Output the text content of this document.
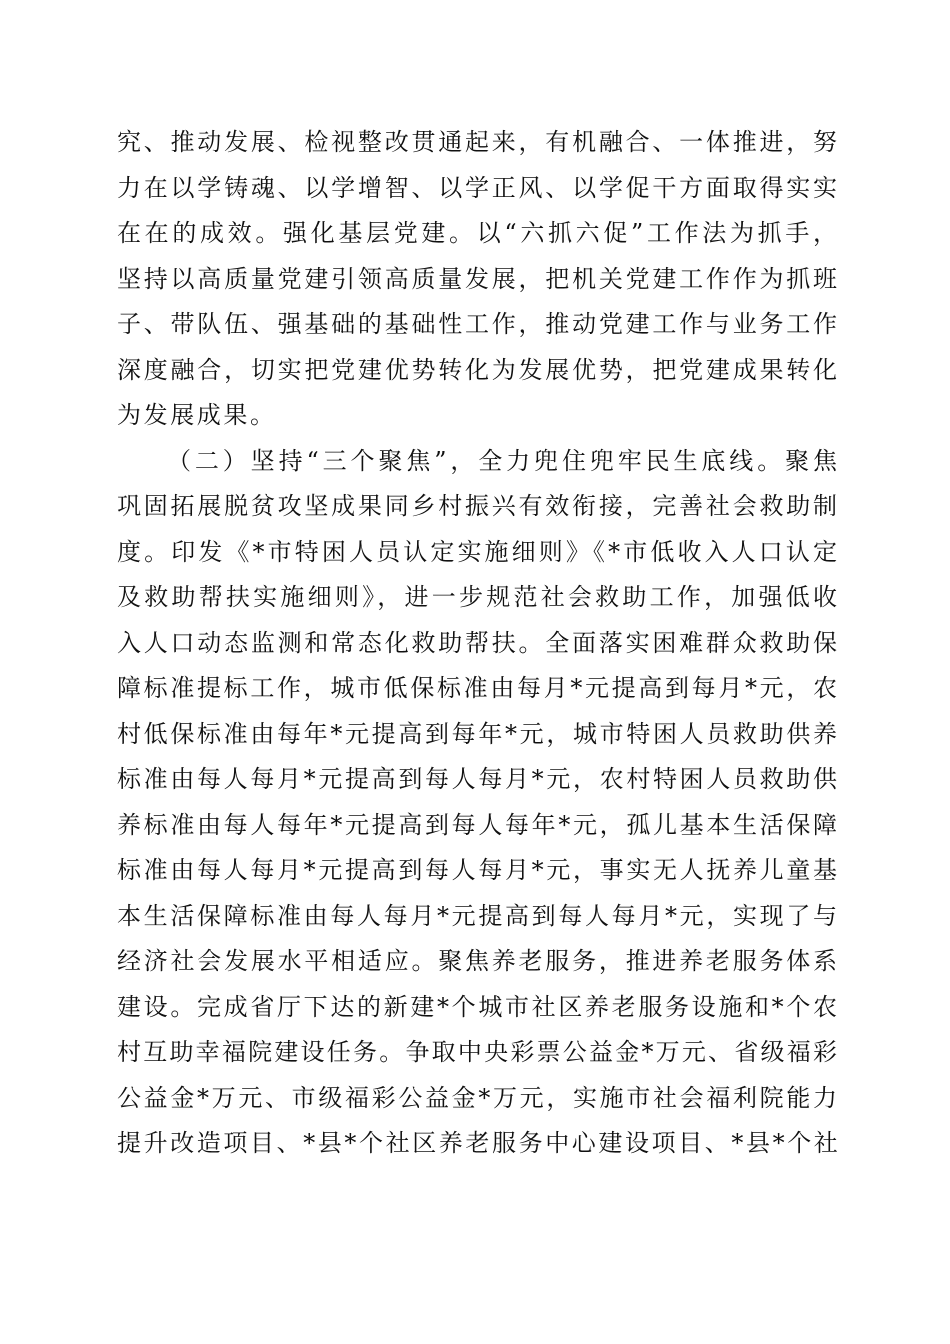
究、推动发展、检视整改贯通起来，有机融合、一体推进，努
力在以学铸魂、以学增智、以学正风、以学促干方面取得实实
在在的成效。强化基层党建。以“六抓六促”工作法为抓手，
坚持以高质量党建引领高质量发展，把机关党建工作作为抓班
子、带队伍、强基础的基础性工作，推动党建工作与业务工作
深度融合，切实把党建优势转化为发展优势，把党建成果转化
为发展成果。
（二）坚持“三个聚焦”，全力兜住兜牢民生底线。聚焦
巩固拓展脱贫攻坚成果同乡村振兴有效衔接，完善社会救助制
度。印发《*市特困人员认定实施细则》《*市低收入人口认定
及救助帮扶实施细则》，进一步规范社会救助工作，加强低收
入人口动态监测和常态化救助帮扶。全面落实困难群众救助保
障标准提标工作，城市低保标准由每月*元提高到每月*元，农
村低保标准由每年*元提高到每年*元，城市特困人员救助供养
标准由每人每月*元提高到每人每月*元，农村特困人员救助供
养标准由每人每年*元提高到每人每年*元，孤儿基本生活保障
标准由每人每月*元提高到每人每月*元，事实无人抚养儿童基
本生活保障标准由每人每月*元提高到每人每月*元，实现了与
经济社会发展水平相适应。聚焦养老服务，推进养老服务体系
建设。完成省厅下达的新建*个城市社区养老服务设施和*个农
村互助幸福院建设任务。争取中央彩票公益金*万元、省级福彩
公益金*万元、市级福彩公益金*万元，实施市社会福利院能力
提升改造项目、*县*个社区养老服务中心建设项目、*县*个社
